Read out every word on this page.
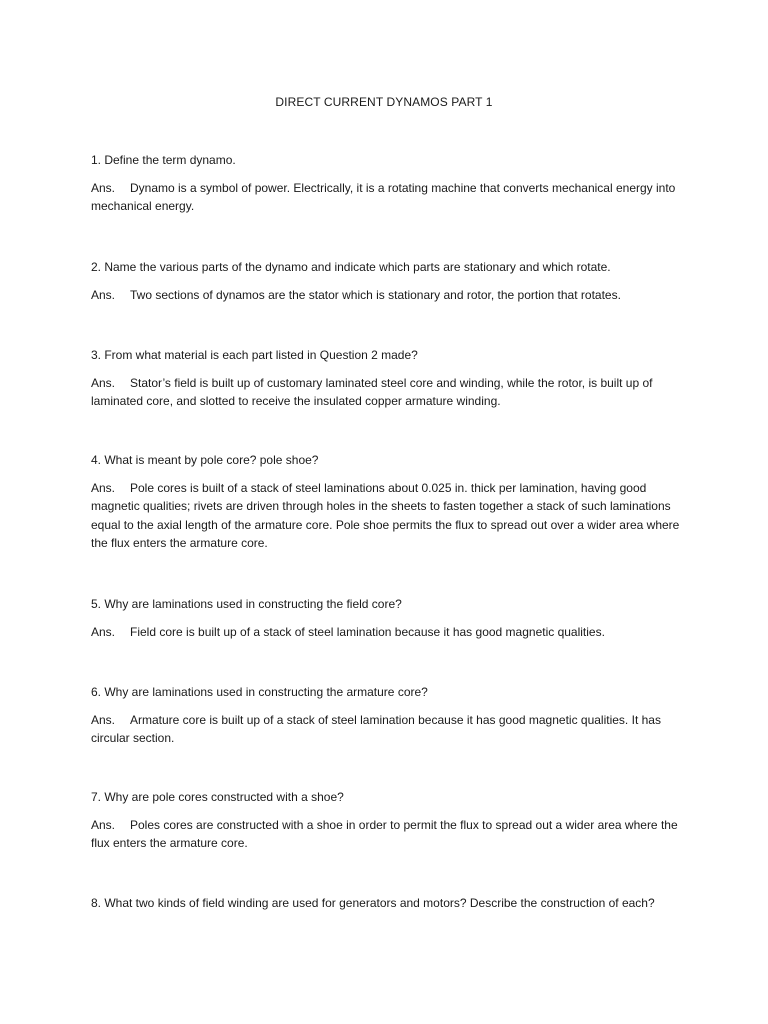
DIRECT CURRENT DYNAMOS PART 1

1. Define the term dynamo.

Ans. Dynamo is a symbol of power. Electrically, it is a rotating machine that converts mechanical energy into mechanical energy.

2. Name the various parts of the dynamo and indicate which parts are stationary and which rotate.

Ans. Two sections of dynamos are the stator which is stationary and rotor, the portion that rotates.

3. From what material is each part listed in Question 2 made?

Ans. Stator’s field is built up of customary laminated steel core and winding, while the rotor, is built up of laminated core, and slotted to receive the insulated copper armature winding.

4. What is meant by pole core? pole shoe?

Ans. Pole cores is built of a stack of steel laminations about 0.025 in. thick per lamination, having good magnetic qualities; rivets are driven through holes in the sheets to fasten together a stack of such laminations equal to the axial length of the armature core. Pole shoe permits the flux to spread out over a wider area where the flux enters the armature core.

5. Why are laminations used in constructing the field core?

Ans. Field core is built up of a stack of steel lamination because it has good magnetic qualities.

6. Why are laminations used in constructing the armature core?

Ans. Armature core is built up of a stack of steel lamination because it has good magnetic qualities. It has circular section.

7. Why are pole cores constructed with a shoe?

Ans. Poles cores are constructed with a shoe in order to permit the flux to spread out a wider area where the flux enters the armature core.

8. What two kinds of field winding are used for generators and motors? Describe the construction of each?
